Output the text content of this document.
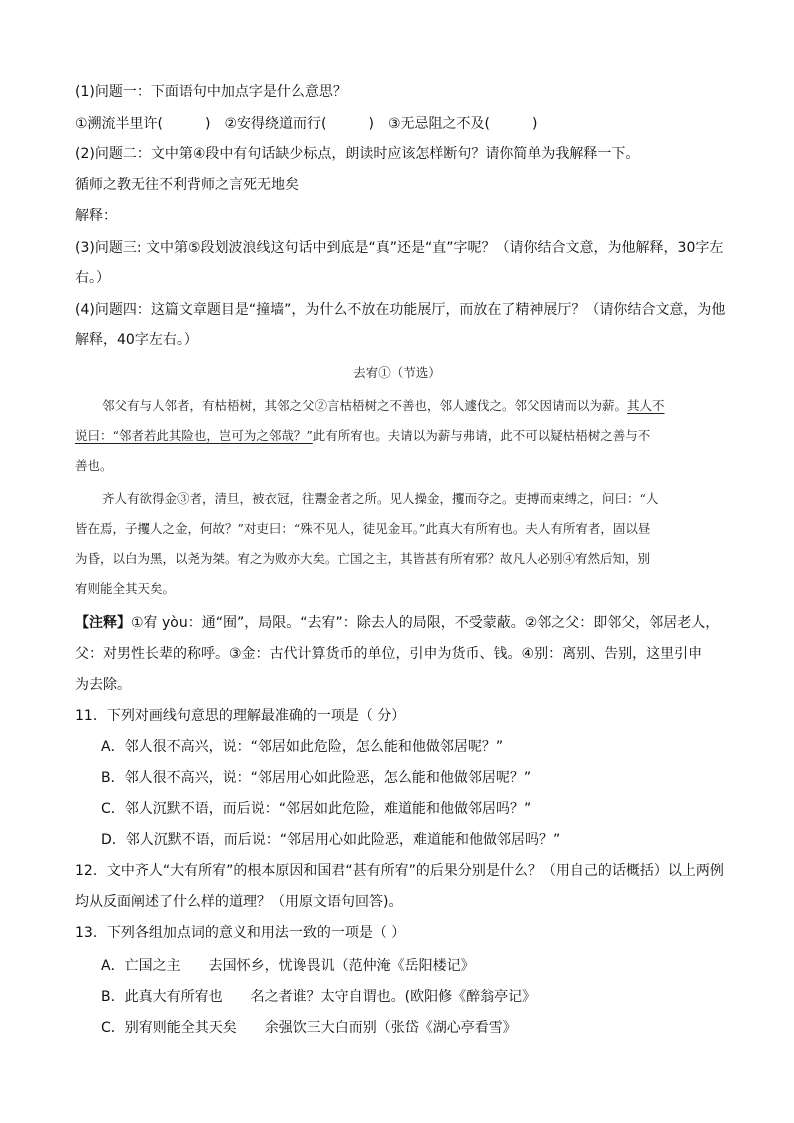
(1)问题一：下面语句中加点字是什么意思？
①溯流半里许(　　　)　②安得绕道而行(　　　)　③无忌阻之不及(　　　)
(2)问题二：文中第④段中有句话缺少标点，朗读时应该怎样断句？请你简单为我解释一下。
循师之教无往不利背师之言死无地矣
解释：
(3)问题三: 文中第⑤段划波浪线这句话中到底是“真”还是“直”字呢？（请你结合文意，为他解释，30字左
右。）
(4)问题四：这篇文章题目是“撞墙”，为什么不放在功能展厅，而放在了精神展厅？（请你结合文意，为他
解释，40字左右。）
去宥①（节选）
邻父有与人邻者，有枯梧树，其邻之父②言枯梧树之不善也，邻人遽伐之。邻父因请而以为薪。其人不
说曰：“邻者若此其险也，岂可为之邻哉？”此有所宥也。夫请以为薪与弗请，此不可以疑枯梧树之善与不
善也。
齐人有欲得金③者，清旦，被衣冠，往鬻金者之所。见人操金，攫而夺之。吏搏而束缚之，问曰：“人
皆在焉，子攫人之金，何故？”对吏曰：“殊不见人，徒见金耳。”此真大有所宥也。夫人有所宥者，固以昼
为昏，以白为黑，以尧为桀。宥之为败亦大矣。亡国之主，其皆甚有所宥邪？故凡人必别④宥然后知，别
宥则能全其天矣。
【注释】①宥 yòu：通“囿”，局限。“去宥”：除去人的局限，不受蒙蔽。②邻之父：即邻父，邻居老人，
父：对男性长辈的称呼。③金：古代计算货币的单位，引申为货币、钱。④别：离别、告别，这里引申
为去除。
11．下列对画线句意思的理解最准确的一项是（ 分）
A．邻人很不高兴，说：“邻居如此危险，怎么能和他做邻居呢？”
B．邻人很不高兴，说：“邻居用心如此险恶，怎么能和他做邻居呢？”
C．邻人沉默不语，而后说：“邻居如此危险，难道能和他做邻居吗？”
D．邻人沉默不语，而后说：“邻居用心如此险恶，难道能和他做邻居吗？”
12．文中齐人“大有所宥”的根本原因和国君“甚有所宥”的后果分别是什么？（用自己的话概括）以上两例
均从反面阐述了什么样的道理？（用原文语句回答)。
13．下列各组加点词的意义和用法一致的一项是（ ）
A．亡国之主　　去国怀乡，忧谗畏讥（范仲淹《岳阳楼记》
B．此真大有所宥也　　名之者谁？太守自谓也。(欧阳修《醉翁亭记》
C．别宥则能全其天矣　　余强饮三大白而别（张岱《湖心亭看雪》
